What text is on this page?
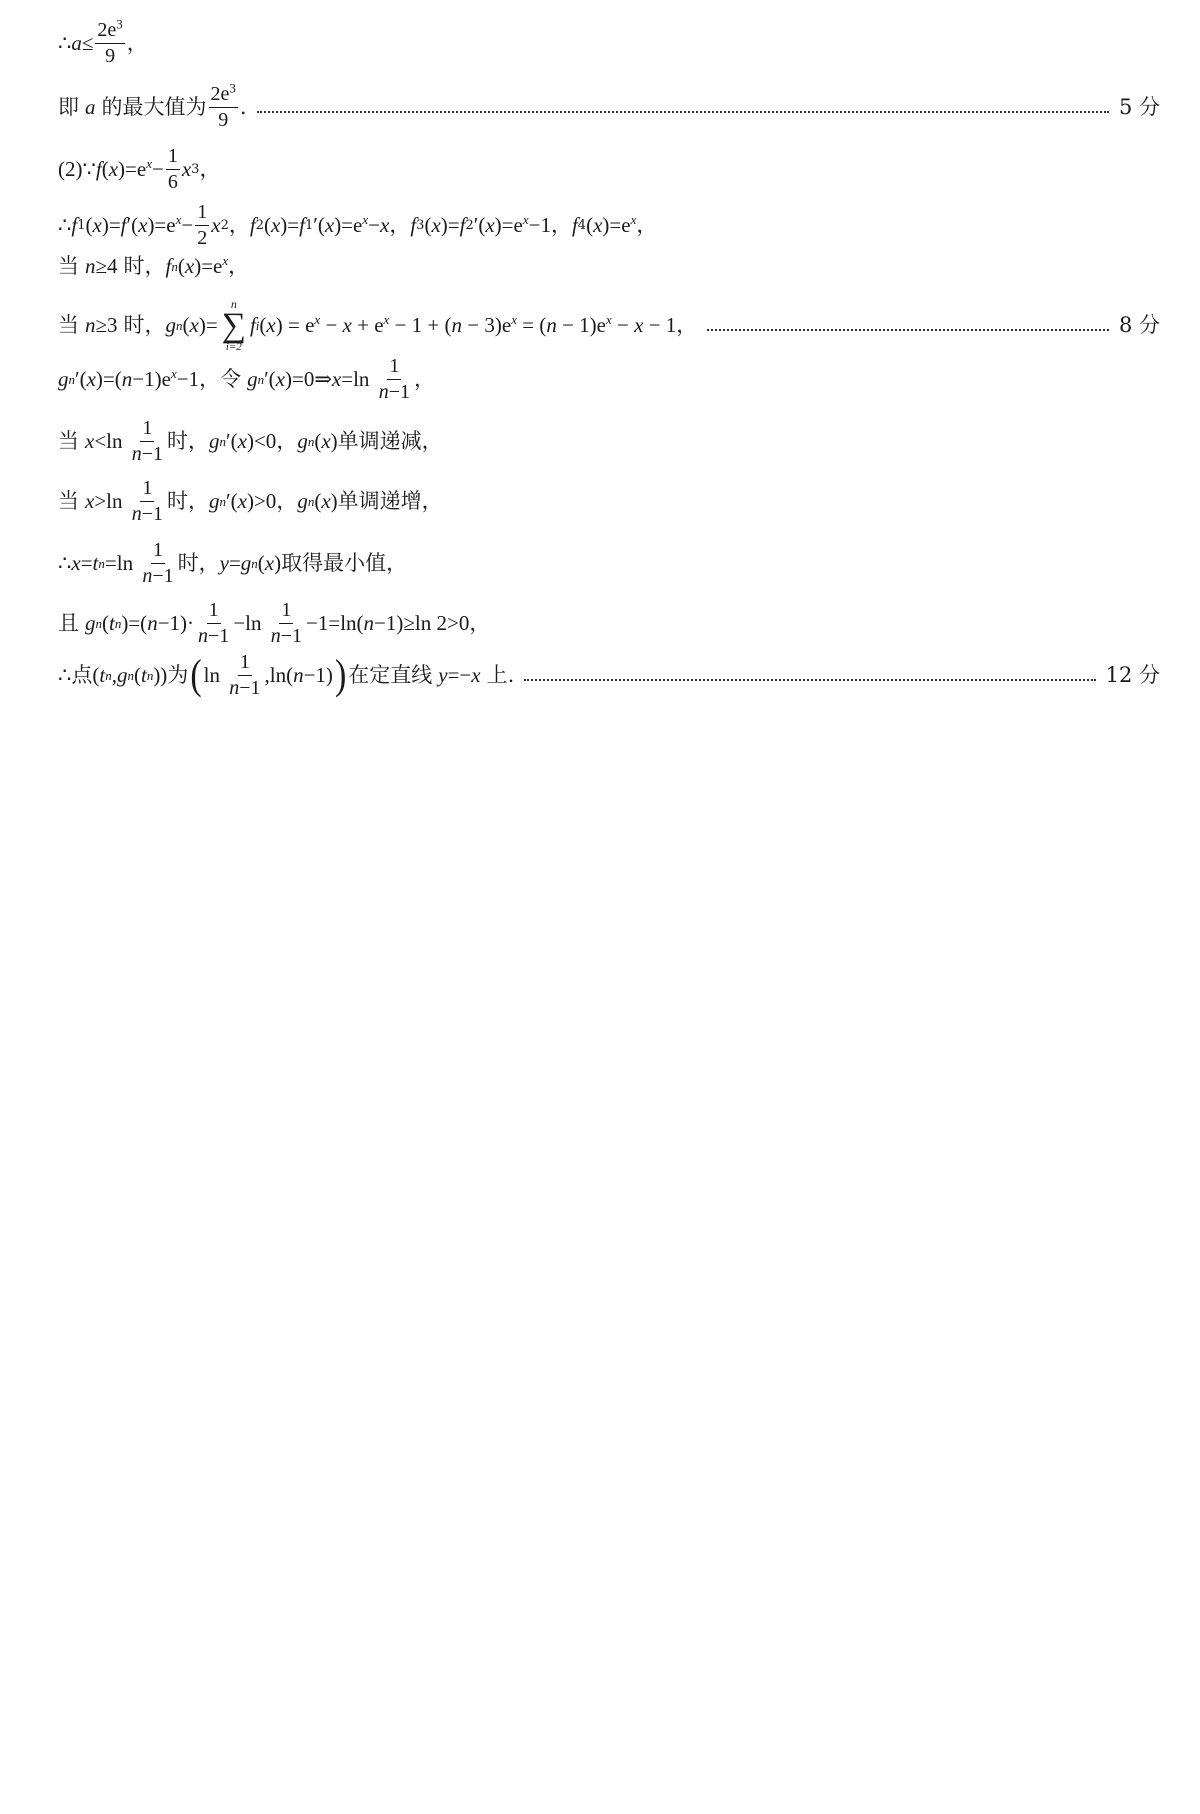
∴ $a \le \frac{2e^3}{9}$ ，
即 a 的最大值为 $\frac{2e^3}{9}$ .	5 分
(2)∵ f ( x )$=e^x- \frac{1}{6}$ x 3 ，
∴ f 1 ( x )= f ′( x )$=e^x- \frac{1}{2}$ x 2 ， f 2 ( x )= f 1 ′( x )$=e^x- x$ ， f 3 ( x )= f 2 ′( x )$=e^x-1$ ， f 4 ( x )$=e^x$ ，
当 n ≥4 时 ， f n ( x )$=e^x$ ，
当 n ≥3 时 ， g n ( x )=
n
∑
i=2
f i ( x ) = $e^x - x + e^x - 1$ + ( $n - 3)e^x$ = ( $n - 1)e^x - x - 1$ ，	8 分
g n ′( x )=( $n -1)e^x-1$ ， 令 g n ′( x )=0⇒ $x =\ln \frac{1}{n-1}$ ，
当 $x <\ln \frac{1}{n-1}$ 时 ， g n ′( x )<0 ， g n ( x ) 单调递减 ，
当 $x >\ln \frac{1}{n-1}$ 时 ， g n ′( x )>0 ， g n ( x ) 单调递增 ，
∴ x = t $n =\ln \frac{1}{n-1}$ 时 ， y = g n ( x ) 取得最小值 ，
且 g n ( t n )=( $n -1)\cdot \frac{1}{n-1} -\ln \frac{1}{n-1} -1=\ln$( n −1)≥ln 2>0 ，
∴ 点 ( t n , g n ( t n )) 为 ( $\ln \frac{1}{n-1} ,\ln$( n −1) ) 在定直线 y =− x 上.	12 分
